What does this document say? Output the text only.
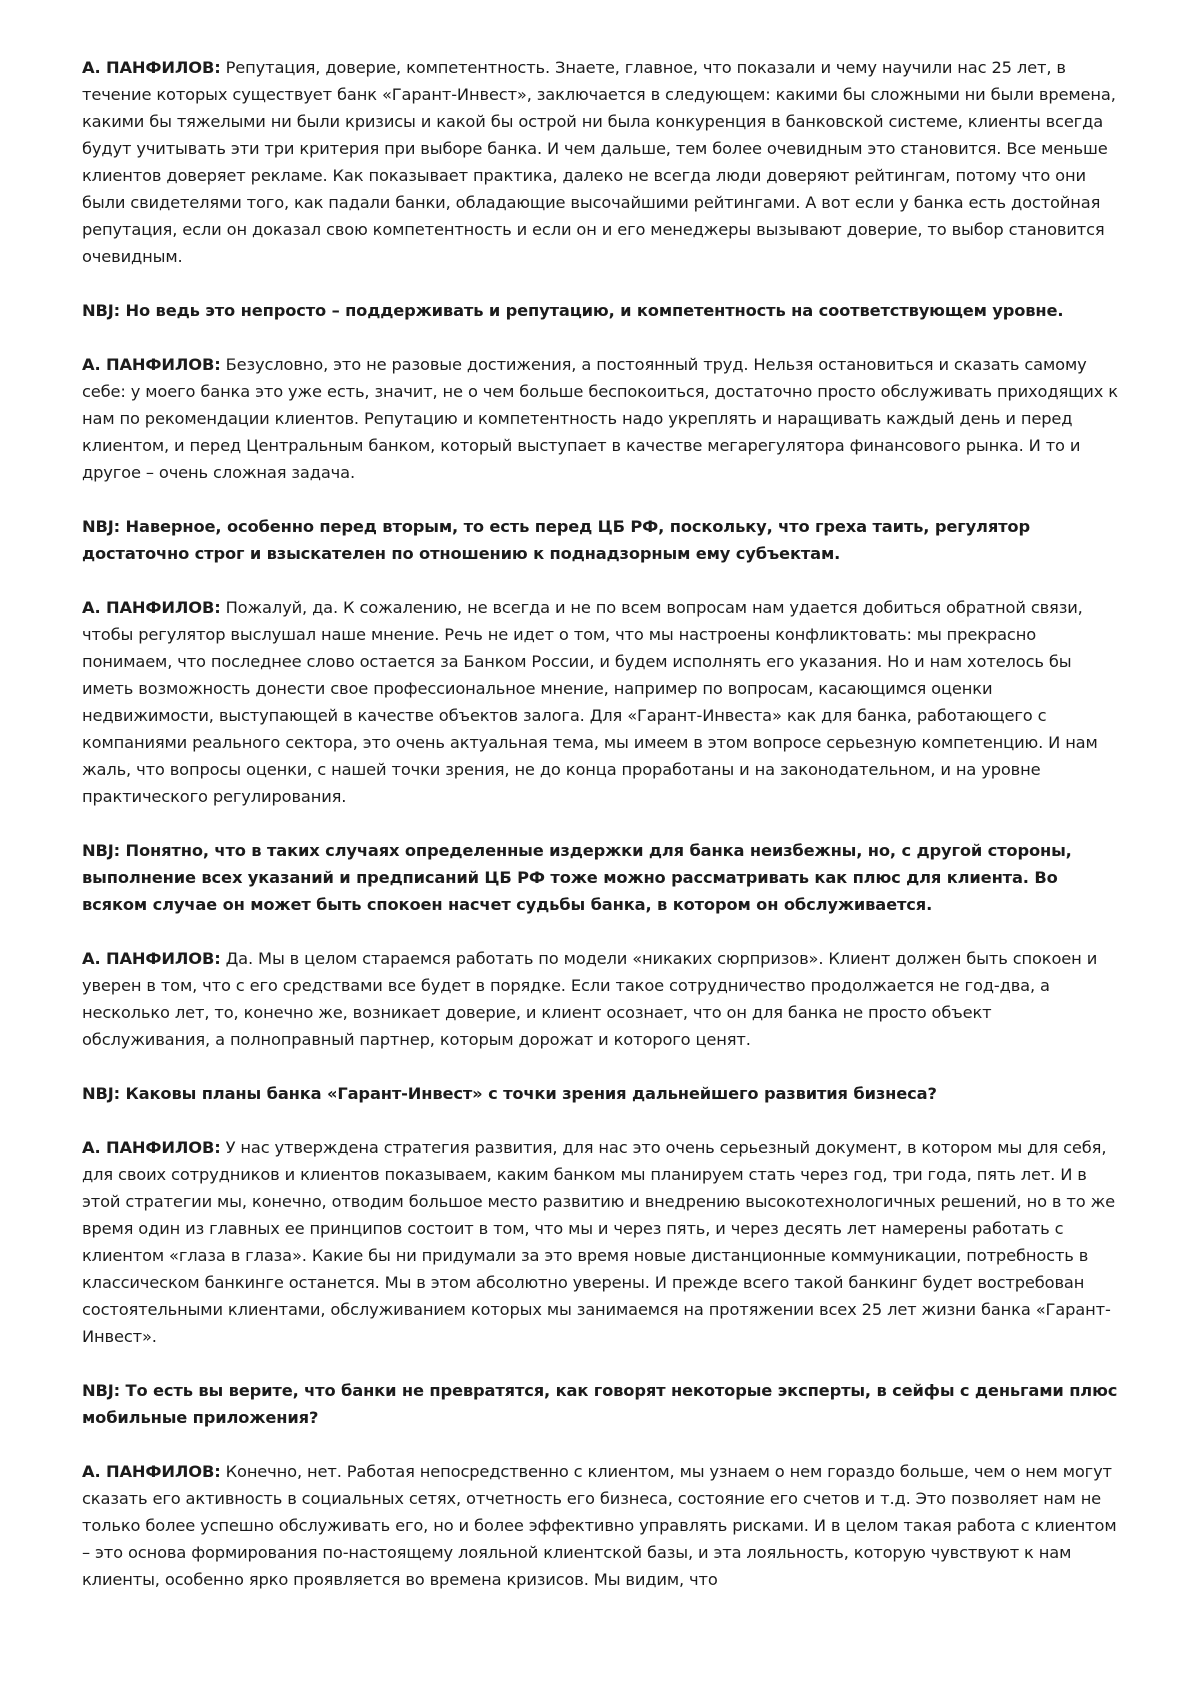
А. ПАНФИЛОВ: Репутация, доверие, компетентность. Знаете, главное, что показали и чему научили нас 25 лет, в течение которых существует банк «Гарант-Инвест», заключается в следующем: какими бы сложными ни были времена, какими бы тяжелыми ни были кризисы и какой бы острой ни была конкуренция в банковской системе, клиенты всегда будут учитывать эти три критерия при выборе банка. И чем дальше, тем более очевидным это становится. Все меньше клиентов доверяет рекламе. Как показывает практика, далеко не всегда люди доверяют рейтингам, потому что они были свидетелями того, как падали банки, обладающие высочайшими рейтингами. А вот если у банка есть достойная репутация, если он доказал свою компетентность и если он и его менеджеры вызывают доверие, то выбор становится очевидным.

NBJ: Но ведь это непросто – поддерживать и репутацию, и компетентность на соответствующем уровне.

А. ПАНФИЛОВ: Безусловно, это не разовые достижения, а постоянный труд. Нельзя остановиться и сказать самому себе: у моего банка это уже есть, значит, не о чем больше беспокоиться, достаточно просто обслуживать приходящих к нам по рекомендации клиентов. Репутацию и компетентность надо укреплять и наращивать каждый день и перед клиентом, и перед Центральным банком, который выступает в качестве мегарегулятора финансового рынка. И то и другое – очень сложная задача.

NBJ: Наверное, особенно перед вторым, то есть перед ЦБ РФ, поскольку, что греха таить, регулятор достаточно строг и взыскателен по отношению к поднадзорным ему субъектам.

А. ПАНФИЛОВ: Пожалуй, да. К сожалению, не всегда и не по всем вопросам нам удается добиться обратной связи, чтобы регулятор выслушал наше мнение. Речь не идет о том, что мы настроены конфликтовать: мы прекрасно понимаем, что последнее слово остается за Банком России, и будем исполнять его указания. Но и нам хотелось бы иметь возможность донести свое профессиональное мнение, например по вопросам, касающимся оценки недвижимости, выступающей в качестве объектов залога. Для «Гарант-Инвеста» как для банка, работающего с компаниями реального сектора, это очень актуальная тема, мы имеем в этом вопросе серьезную компетенцию. И нам жаль, что вопросы оценки, с нашей точки зрения, не до конца проработаны и на законодательном, и на уровне практического регулирования.

NBJ: Понятно, что в таких случаях определенные издержки для банка неизбежны, но, с другой стороны, выполнение всех указаний и предписаний ЦБ РФ тоже можно рассматривать как плюс для клиента. Во всяком случае он может быть спокоен насчет судьбы банка, в котором он обслуживается.

А. ПАНФИЛОВ: Да. Мы в целом стараемся работать по модели «никаких сюрпризов». Клиент должен быть спокоен и уверен в том, что с его средствами все будет в порядке. Если такое сотрудничество продолжается не год-два, а несколько лет, то, конечно же, возникает доверие, и клиент осознает, что он для банка не просто объект обслуживания, а полноправный партнер, которым дорожат и которого ценят.

NBJ: Каковы планы банка «Гарант-Инвест» с точки зрения дальнейшего развития бизнеса?

А. ПАНФИЛОВ: У нас утверждена стратегия развития, для нас это очень серьезный документ, в котором мы для себя, для своих сотрудников и клиентов показываем, каким банком мы планируем стать через год, три года, пять лет. И в этой стратегии мы, конечно, отводим большое место развитию и внедрению высокотехнологичных решений, но в то же время один из главных ее принципов состоит в том, что мы и через пять, и через десять лет намерены работать с клиентом «глаза в глаза». Какие бы ни придумали за это время новые дистанционные коммуникации, потребность в классическом банкинге останется. Мы в этом абсолютно уверены. И прежде всего такой банкинг будет востребован состоятельными клиентами, обслуживанием которых мы занимаемся на протяжении всех 25 лет жизни банка «Гарант-Инвест».

NBJ: То есть вы верите, что банки не превратятся, как говорят некоторые эксперты, в сейфы с деньгами плюс мобильные приложения?

А. ПАНФИЛОВ: Конечно, нет. Работая непосредственно с клиентом, мы узнаем о нем гораздо больше, чем о нем могут сказать его активность в социальных сетях, отчетность его бизнеса, состояние его счетов и т.д. Это позволяет нам не только более успешно обслуживать его, но и более эффективно управлять рисками. И в целом такая работа с клиентом – это основа формирования по-настоящему лояльной клиентской базы, и эта лояльность, которую чувствуют к нам клиенты, особенно ярко проявляется во времена кризисов. Мы видим, что
